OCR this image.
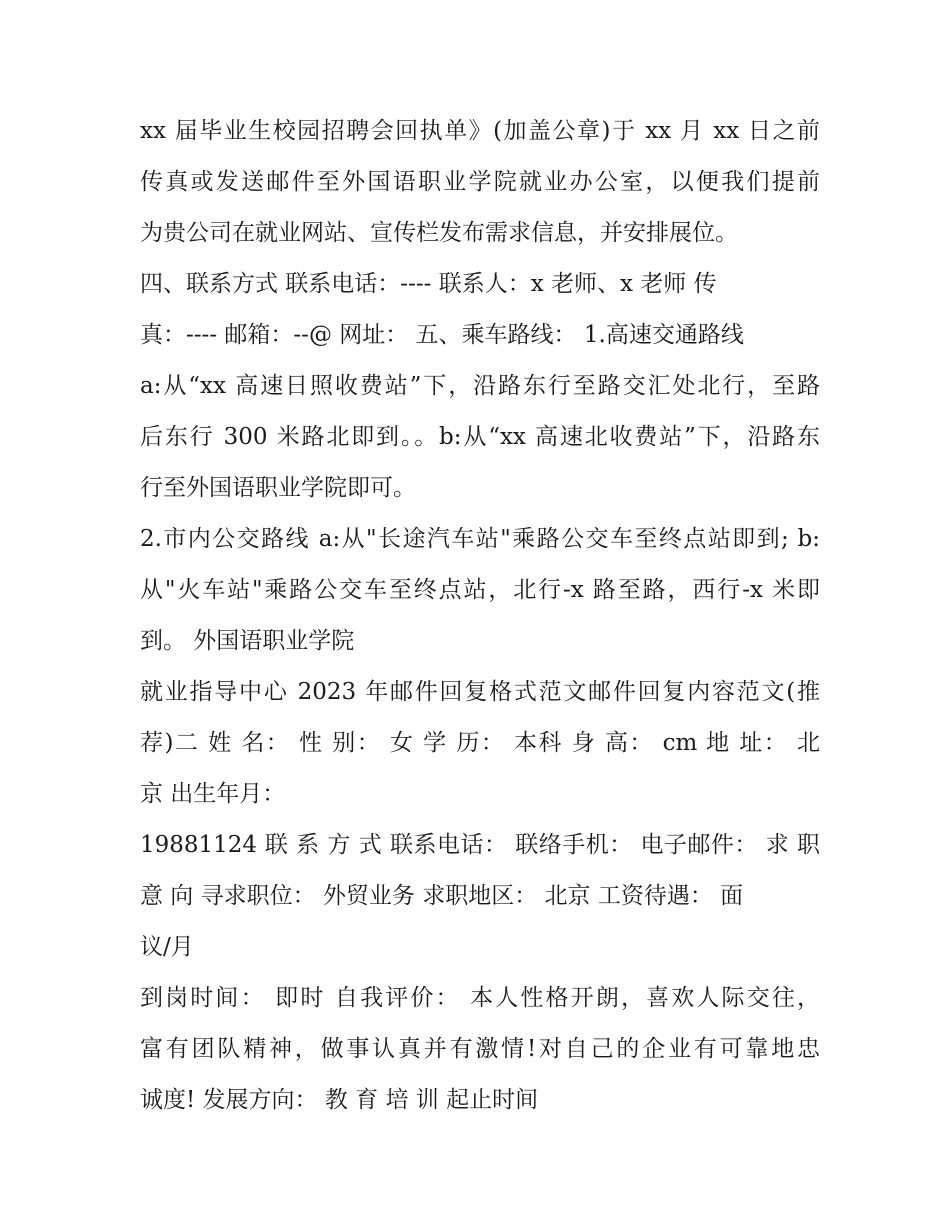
xx 届毕业生校园招聘会回执单》(加盖公章)于 xx 月 xx 日之前
传真或发送邮件至外国语职业学院就业办公室，以便我们提前
为贵公司在就业网站、宣传栏发布需求信息，并安排展位。
四、联系方式 联系电话：---- 联系人：x 老师、x 老师 传
真：---- 邮箱：--@ 网址： 五、乘车路线： 1.高速交通路线
a:从“xx 高速日照收费站”下，沿路东行至路交汇处北行，至路
后东行 300 米路北即到。。b:从“xx 高速北收费站”下，沿路东
行至外国语职业学院即可。
2.市内公交路线 a:从"长途汽车站"乘路公交车至终点站即到; b:
从"火车站"乘路公交车至终点站，北行-x 路至路，西行-x 米即
到。 外国语职业学院
就业指导中心 2023 年邮件回复格式范文邮件回复内容范文(推
荐)二 姓 名： 性 别： 女 学 历： 本科 身 高： cm 地 址： 北
京 出生年月：
19881124 联 系 方 式 联系电话： 联络手机： 电子邮件： 求 职
意 向 寻求职位： 外贸业务 求职地区： 北京 工资待遇： 面
议/月
到岗时间： 即时 自我评价： 本人性格开朗，喜欢人际交往，
富有团队精神，做事认真并有激情!对自己的企业有可靠地忠
诚度! 发展方向： 教 育 培 训 起止时间
